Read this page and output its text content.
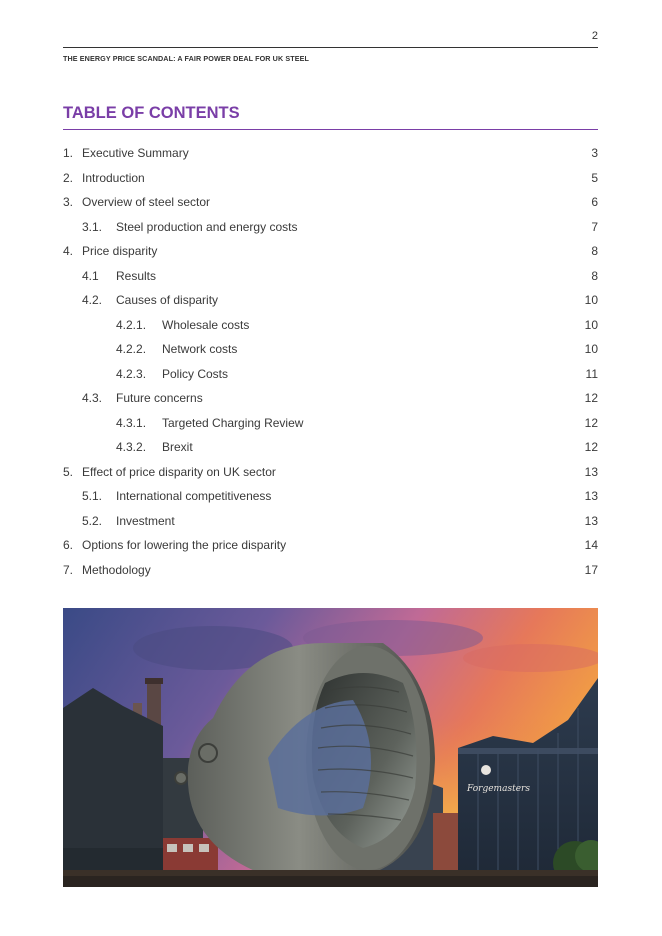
2
THE ENERGY PRICE SCANDAL: A FAIR POWER DEAL FOR UK STEEL
TABLE OF CONTENTS
1. Executive Summary	3
2. Introduction	5
3. Overview of steel sector	6
3.1. Steel production and energy costs	7
4. Price disparity	8
4.1 Results	8
4.2. Causes of disparity	10
4.2.1. Wholesale costs	10
4.2.2. Network costs	10
4.2.3. Policy Costs	11
4.3. Future concerns	12
4.3.1. Targeted Charging Review	12
4.3.2. Brexit	12
5. Effect of price disparity on UK sector	13
5.1. International competitiveness	13
5.2. Investment	13
6. Options for lowering the price disparity	14
7. Methodology	17
Forgemasters
